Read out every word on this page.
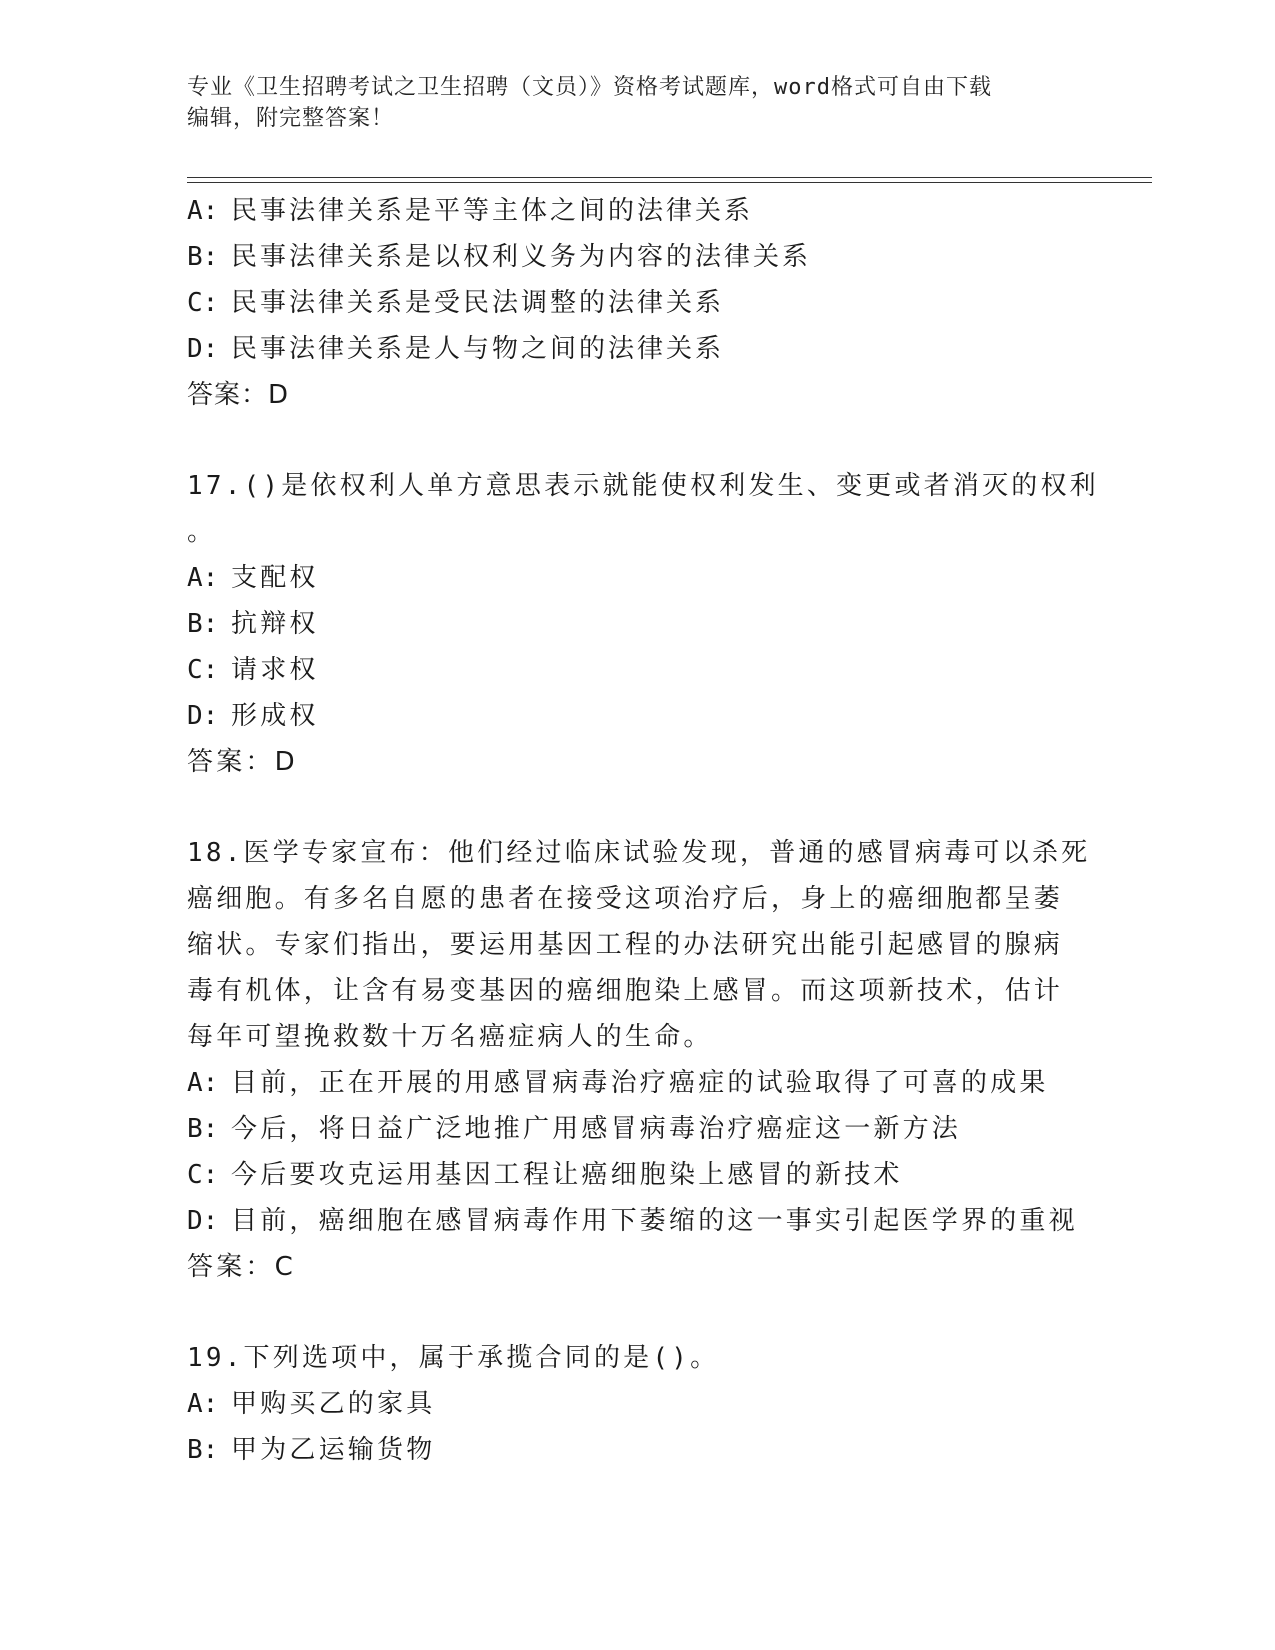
专业《卫生招聘考试之卫生招聘（文员）》资格考试题库，word格式可自由下载
编辑，附完整答案！
A: 民事法律关系是平等主体之间的法律关系
B: 民事法律关系是以权利义务为内容的法律关系
C: 民事法律关系是受民法调整的法律关系
D: 民事法律关系是人与物之间的法律关系
答案：D
17.()是依权利人单方意思表示就能使权利发生、变更或者消灭的权利
。
A: 支配权
B: 抗辩权
C: 请求权
D: 形成权
答案：D
18.医学专家宣布：他们经过临床试验发现，普通的感冒病毒可以杀死
癌细胞。有多名自愿的患者在接受这项治疗后，身上的癌细胞都呈萎
缩状。专家们指出，要运用基因工程的办法研究出能引起感冒的腺病
毒有机体，让含有易变基因的癌细胞染上感冒。而这项新技术，估计
每年可望挽救数十万名癌症病人的生命。
A: 目前，正在开展的用感冒病毒治疗癌症的试验取得了可喜的成果
B: 今后，将日益广泛地推广用感冒病毒治疗癌症这一新方法
C: 今后要攻克运用基因工程让癌细胞染上感冒的新技术
D: 目前，癌细胞在感冒病毒作用下萎缩的这一事实引起医学界的重视
答案：C
19.下列选项中，属于承揽合同的是()。
A: 甲购买乙的家具
B: 甲为乙运输货物
